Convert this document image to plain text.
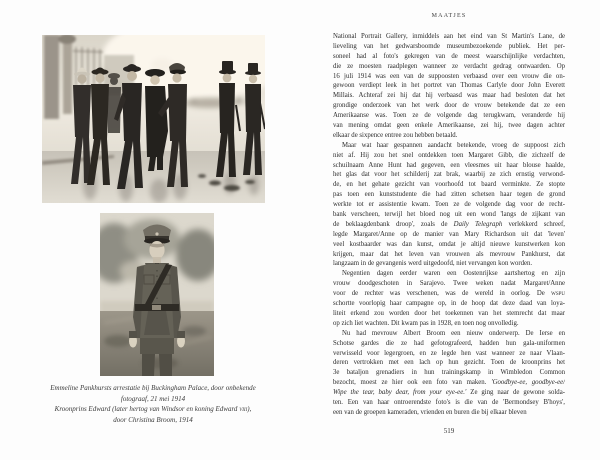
Emmeline Pankhursts arrestatie bij Buckingham Palace, door onbekende
fotograaf, 21 mei 1914
Kroonprins Edward (later hertog van Windsor en koning Edward viii),
door Christina Broom, 1914
MAATJES
National Portrait Gallery, inmiddels aan het eind van St Martin's Lane, de
lieveling van het gedwarsboomde museumbezoekende publiek. Het per-
soneel had al foto's gekregen van de meest waarschijnlijke verdachten,
die ze moesten raadplegen wanneer ze verdacht gedrag ontwaarden. Op
16 juli 1914 was een van de suppoosten verbaasd over een vrouw die on-
gewoon verdiept leek in het portret van Thomas Carlyle door John Everett
Millais. Achteraf zei hij dat hij verbaasd was maar had besloten dat het
grondige onderzoek van het werk door de vrouw betekende dat ze een
Amerikaanse was. Toen ze de volgende dag terugkwam, veranderde hij
van mening omdat geen enkele Amerikaanse, zei hij, twee dagen achter
elkaar de sixpence entree zou hebben betaald.
Maar wat haar gespannen aandacht betekende, vroeg de suppoost zich
niet af. Hij zou het snel ontdekken toen Margaret Gibb, die zichzelf de
schuilnaam Anne Hunt had gegeven, een vleesmes uit haar blouse haalde,
het glas dat voor het schilderij zat brak, waarbij ze zich ernstig verwond-
de, en het gehate gezicht van voorhoofd tot baard verminkte. Ze stopte
pas toen een kunststudente die had zitten schetsen haar tegen de grond
werkte tot er assistentie kwam. Toen ze de volgende dag voor de recht-
bank verscheen, terwijl het bloed nog uit een wond 'langs de zijkant van
de beklaagdenbank droop', zoals de Daily Telegraph verlekkerd schreef,
legde Margaret/Anne op de manier van Mary Richardson uit dat 'leven'
veel kostbaarder was dan kunst, omdat je altijd nieuwe kunstwerken kon
krijgen, maar dat het leven van vrouwen als mevrouw Pankhurst, dat
langzaam in de gevangenis werd uitgedoofd, niet vervangen kon worden.
Negentien dagen eerder waren een Oostenrijkse aartshertog en zijn
vrouw doodgeschoten in Sarajevo. Twee weken nadat Margaret/Anne
voor de rechter was verschenen, was de wereld in oorlog. De wspu
schortte voorlopig haar campagne op, in de hoop dat deze daad van loya-
liteit erkend zou worden door het toekennen van het stemrecht dat maar
op zich liet wachten. Dit kwam pas in 1928, en toen nog onvolledig.
Nu had mevrouw Albert Broom een nieuw onderwerp. De Ierse en
Schotse gardes die ze had gefotografeerd, hadden hun gala-uniformen
verwisseld voor legergroen, en ze legde hen vast wanneer ze naar Vlaan-
deren vertrokken met een lach op hun gezicht. Toen de kroonprins het
3e bataljon grenadiers in hun trainingskamp in Wimbledon Common
bezocht, moest ze hier ook een foto van maken. 'Goodbye-ee, goodbye-ee/
Wipe the tear, baby dear, from your eye-ee.' Ze ging naar de gewone solda-
ten. Een van haar ontroerendste foto's is die van de 'Bermondsey B'hoys',
een van de groepen kameraden, vrienden en buren die bij elkaar bleven
519
